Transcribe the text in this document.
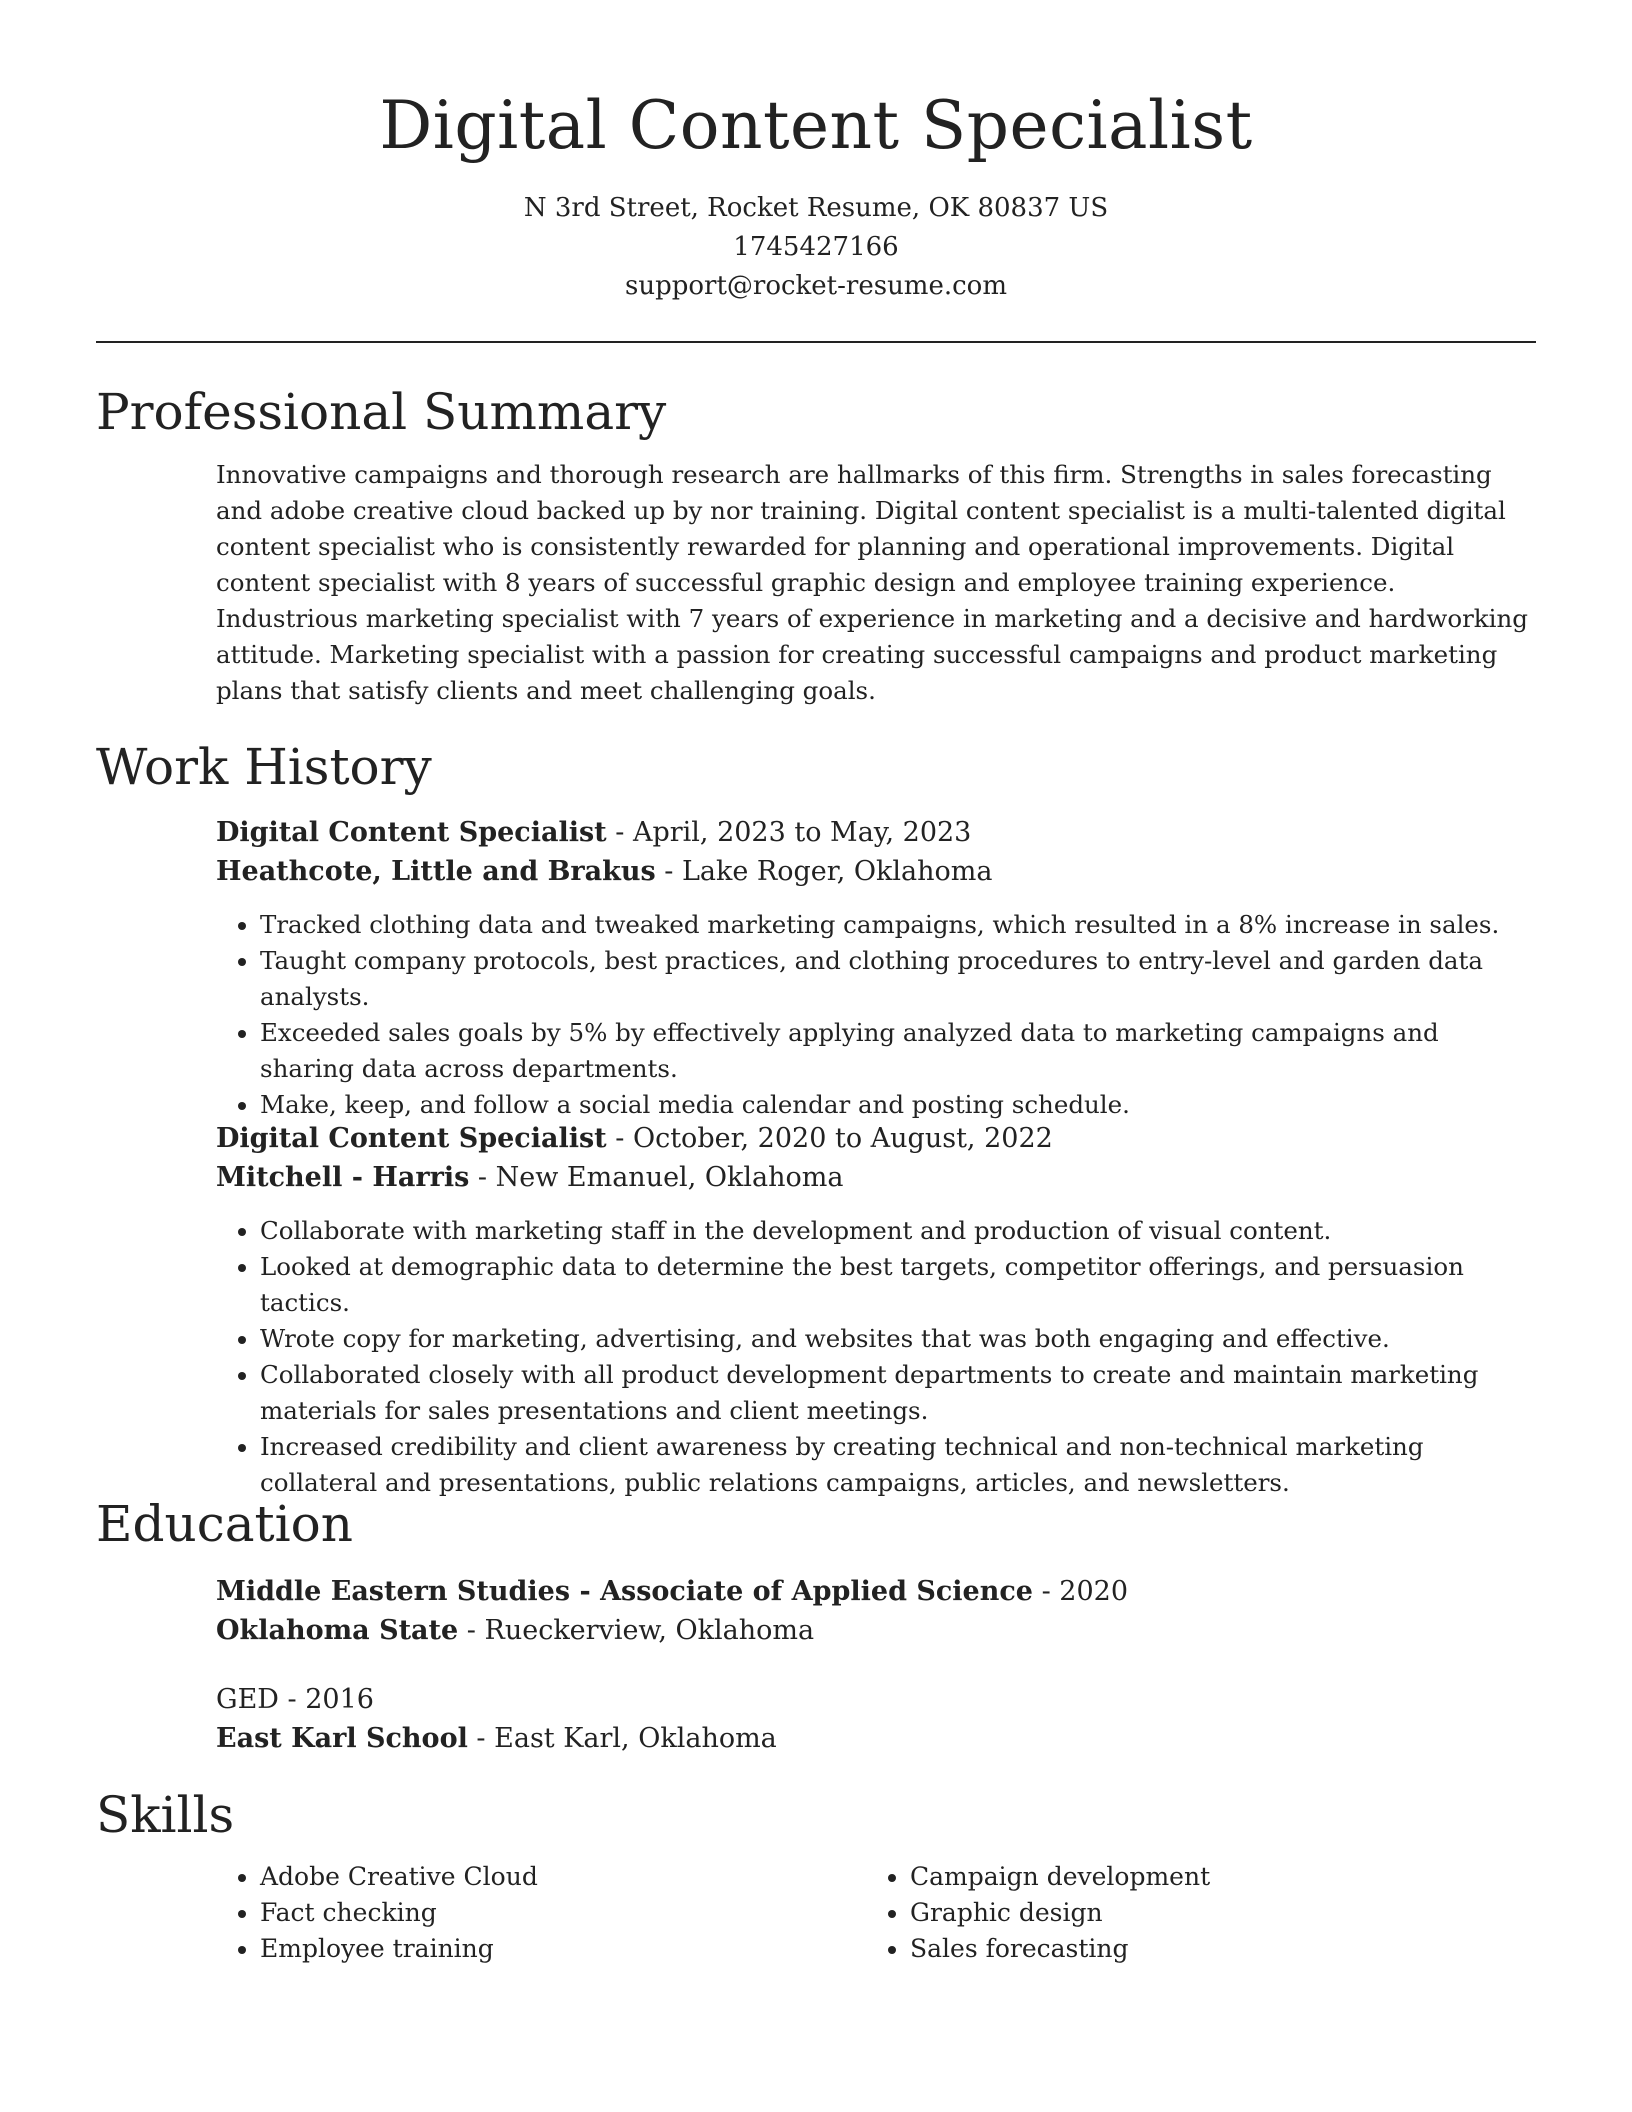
Digital Content Specialist

N 3rd Street, Rocket Resume, OK 80837 US

1745427166

support@rocket-resume.com

Professional Summary

Innovative campaigns and thorough research are hallmarks of this firm. Strengths in sales forecasting and adobe creative cloud backed up by nor training. Digital content specialist is a multi-talented digital content specialist who is consistently rewarded for planning and operational improvements. Digital content specialist with 8 years of successful graphic design and employee training experience. Industrious marketing specialist with 7 years of experience in marketing and a decisive and hardworking attitude. Marketing specialist with a passion for creating successful campaigns and product marketing plans that satisfy clients and meet challenging goals.

Work History

Digital Content Specialist - April, 2023 to May, 2023

Heathcote, Little and Brakus - Lake Roger, Oklahoma

• Tracked clothing data and tweaked marketing campaigns, which resulted in a 8% increase in sales.
• Taught company protocols, best practices, and clothing procedures to entry-level and garden data analysts.
• Exceeded sales goals by 5% by effectively applying analyzed data to marketing campaigns and sharing data across departments.
• Make, keep, and follow a social media calendar and posting schedule.

Digital Content Specialist - October, 2020 to August, 2022

Mitchell - Harris - New Emanuel, Oklahoma

• Collaborate with marketing staff in the development and production of visual content.
• Looked at demographic data to determine the best targets, competitor offerings, and persuasion tactics.
• Wrote copy for marketing, advertising, and websites that was both engaging and effective.
• Collaborated closely with all product development departments to create and maintain marketing materials for sales presentations and client meetings.
• Increased credibility and client awareness by creating technical and non-technical marketing collateral and presentations, public relations campaigns, articles, and newsletters.
Education

Middle Eastern Studies - Associate of Applied Science - 2020

Oklahoma State - Rueckerview, Oklahoma

GED - 2016

East Karl School - East Karl, Oklahoma

Skills
• Adobe Creative Cloud
• Fact checking
• Employee training
• Campaign development
• Graphic design
• Sales forecasting
